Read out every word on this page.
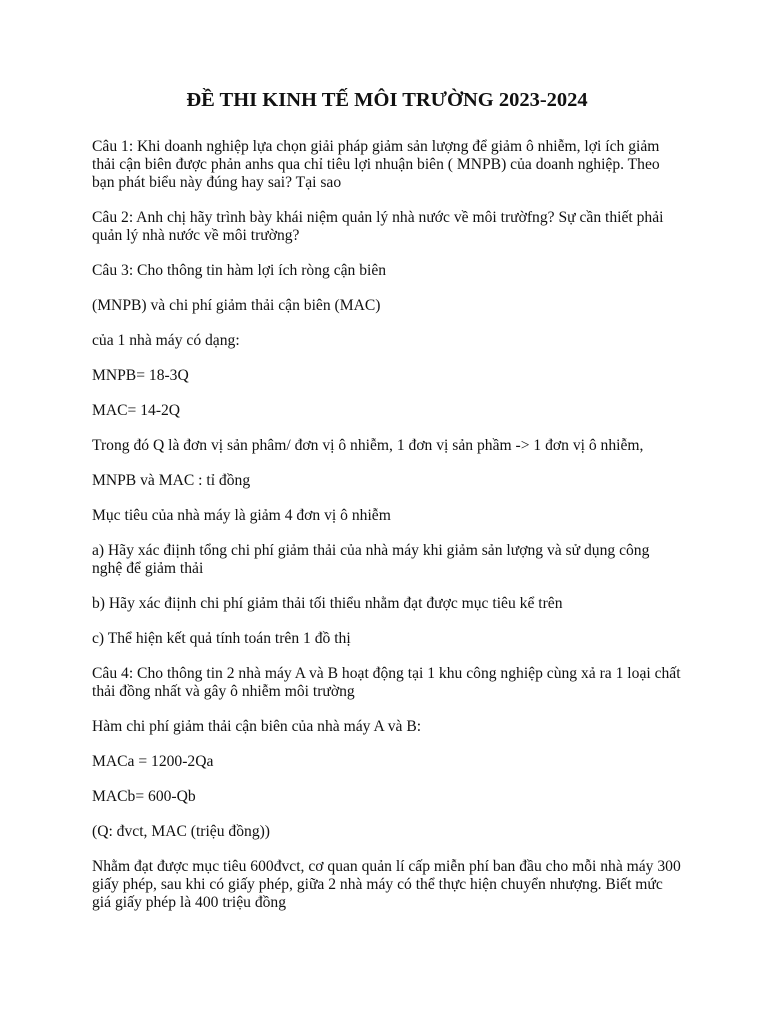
ĐỀ THI KINH TẾ MÔI TRƯỜNG 2023-2024

Câu 1: Khi doanh nghiệp lựa chọn giải pháp giảm sản lượng để giảm ô nhiễm, lợi ích giảm thải cận biên được phản anhs qua chỉ tiêu lợi nhuận biên ( MNPB) của doanh nghiệp. Theo bạn phát biểu này đúng hay sai? Tại sao

Câu 2: Anh chị hãy trình bày khái niệm quản lý nhà nước về môi trườfng? Sự cần thiết phải quản lý nhà nước về môi trường?

Câu 3: Cho thông tin hàm lợi ích ròng cận biên

(MNPB) và chi phí giảm thải cận biên (MAC)

của 1 nhà máy có dạng:

MNPB= 18-3Q

MAC= 14-2Q

Trong đó Q là đơn vị sản phâm/ đơn vị ô nhiễm, 1 đơn vị sản phầm -> 1 đơn vị ô nhiễm,

MNPB và MAC : tỉ đồng

Mục tiêu của nhà máy là giảm 4 đơn vị ô nhiễm

a) Hãy xác điịnh tổng chi phí giảm thải của nhà máy khi giảm sản lượng và sử dụng công nghệ để giảm thải

b) Hãy xác điịnh chi phí giảm thải tối thiểu nhằm đạt được mục tiêu kể trên

c) Thể hiện kết quả tính toán trên 1 đồ thị

Câu 4: Cho thông tin 2 nhà máy A và B hoạt động tại 1 khu công nghiệp cùng xả ra 1 loại chất thải đồng nhất và gây ô nhiễm môi trường

Hàm chi phí giảm thải cận biên của nhà máy A và B:

MACa = 1200-2Qa

MACb= 600-Qb

(Q: đvct, MAC (triệu đồng))

Nhằm đạt được mục tiêu 600đvct, cơ quan quản lí cấp miễn phí ban đầu cho mỗi nhà máy 300 giấy phép, sau khi có giấy phép, giữa 2 nhà máy có thể thực hiện chuyển nhượng. Biết mức giá giấy phép là 400 triệu đồng
